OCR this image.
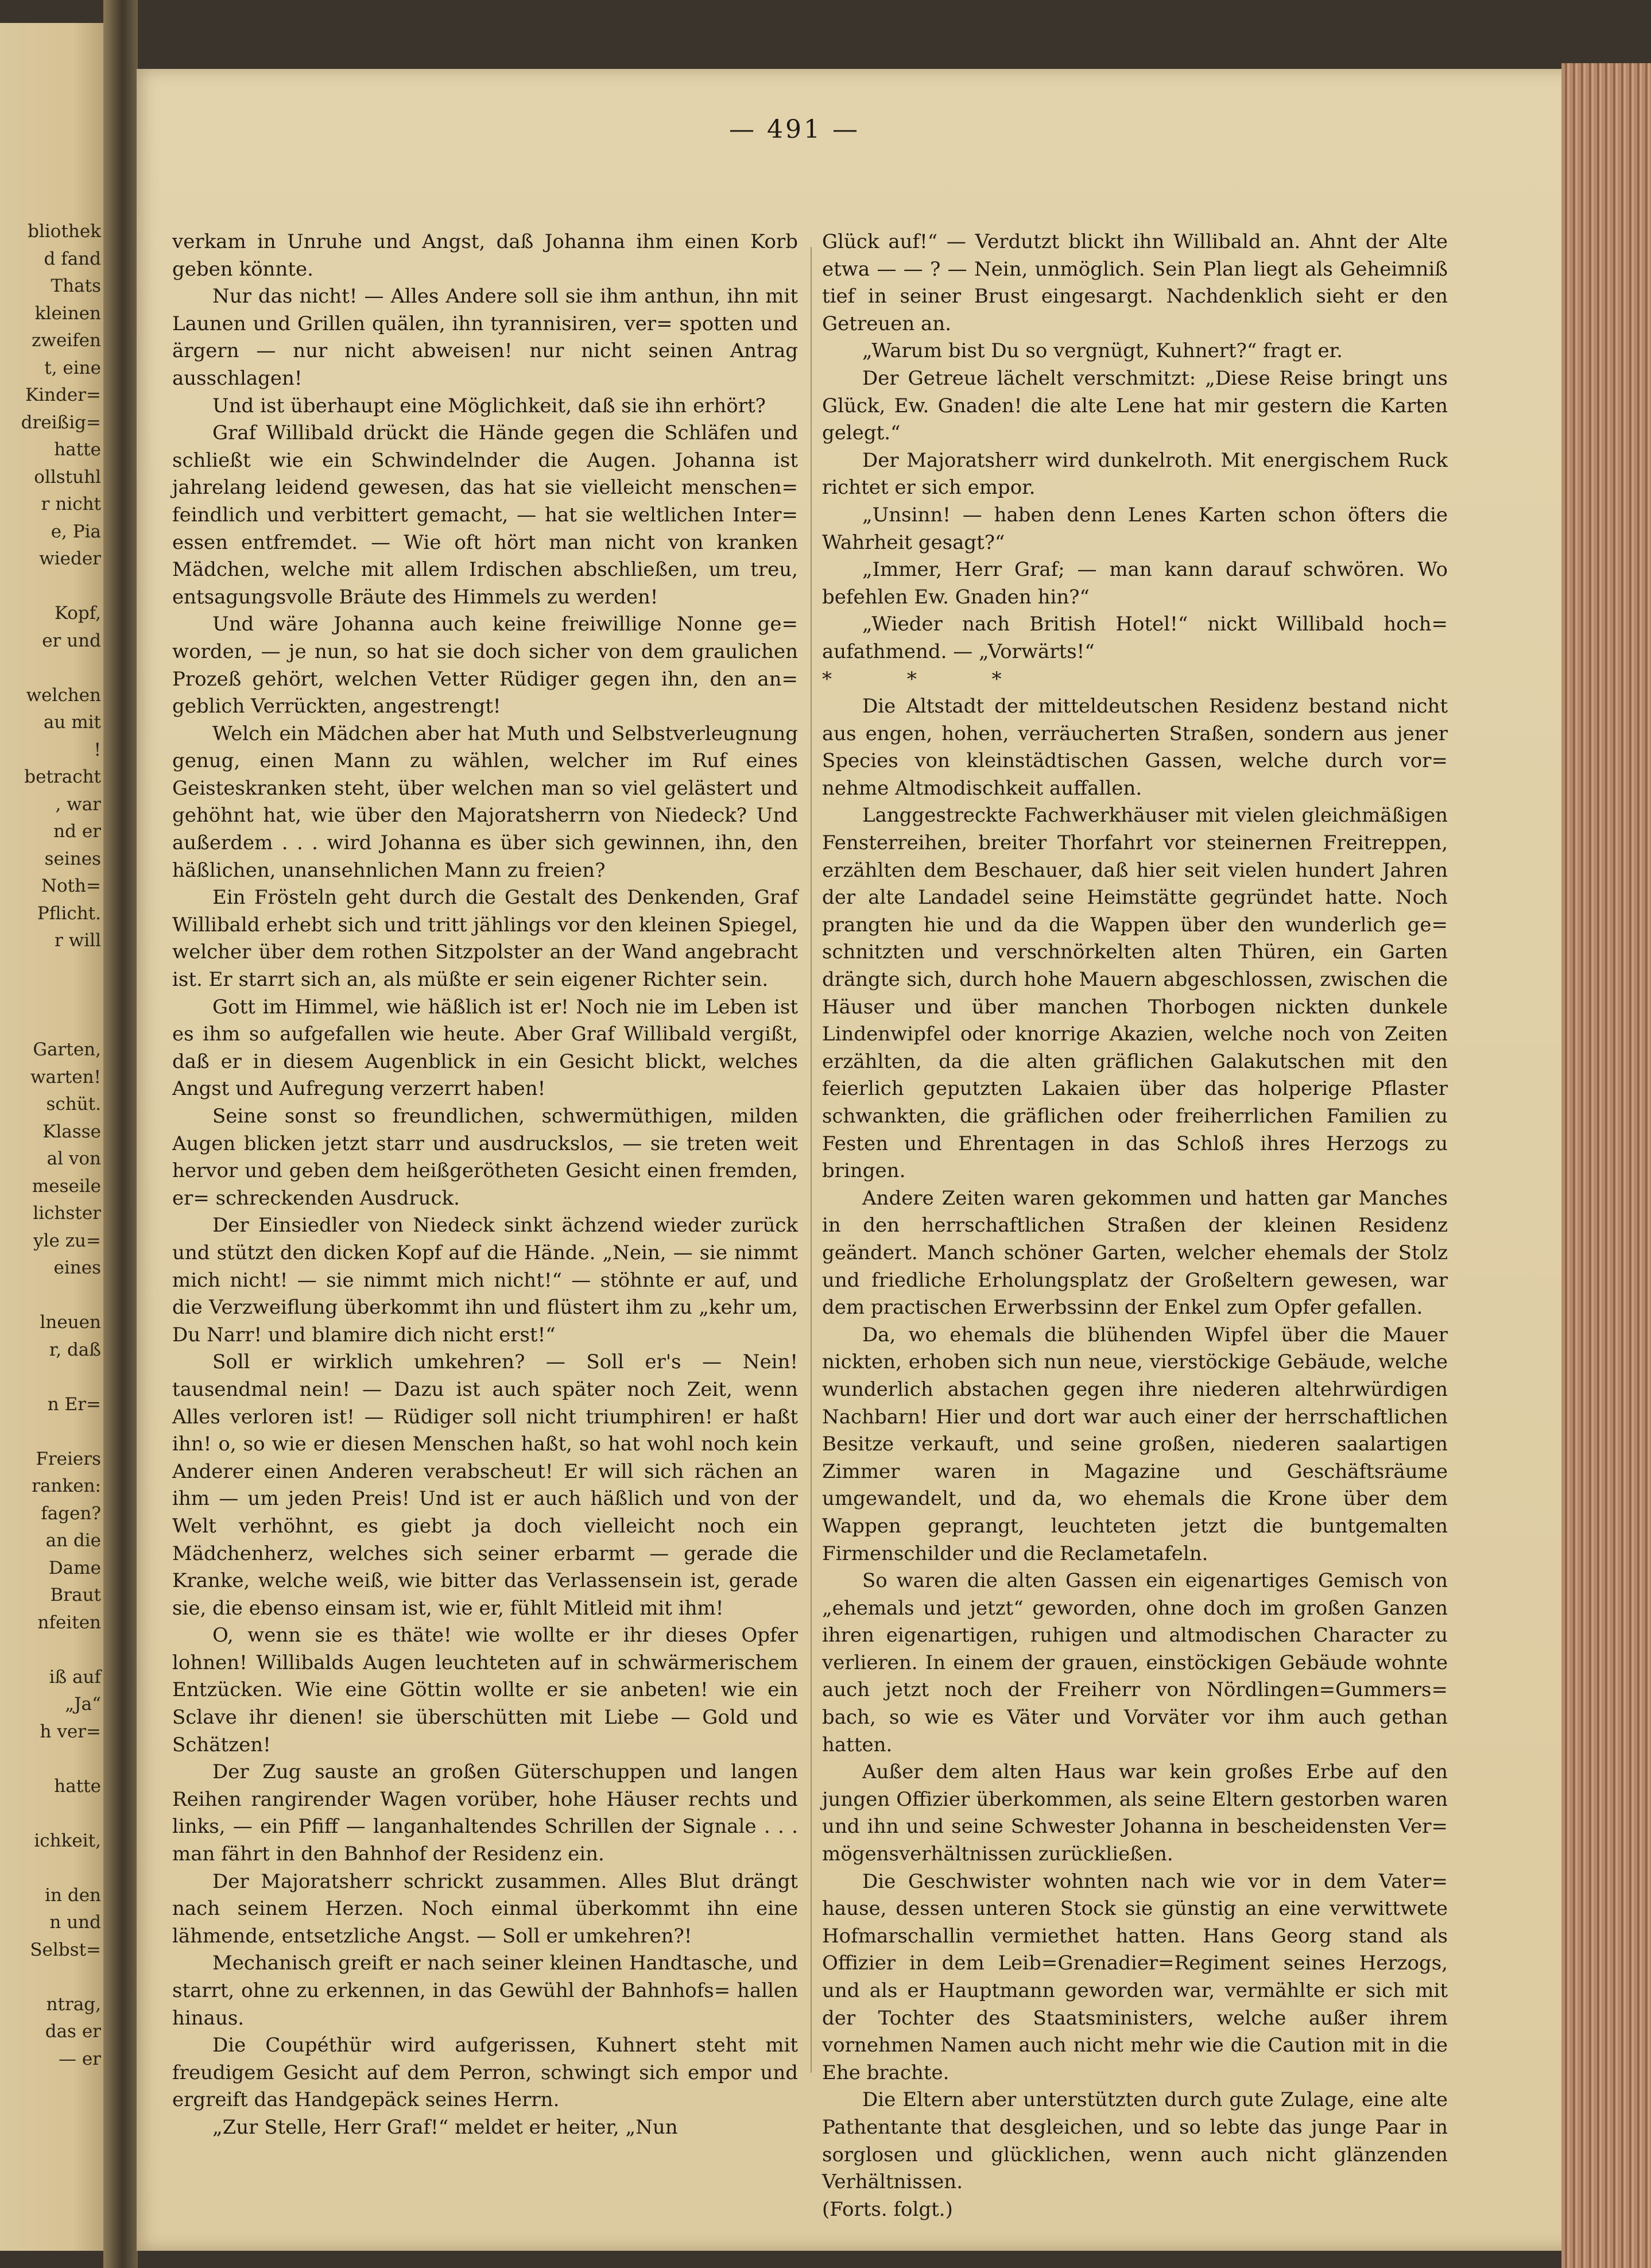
bliothek
d fand
Thats
kleinen
zweifen
t, eine
Kinder=
dreißig=
hatte
ollstuhl
r nicht
e, Pia
wieder

Kopf,
er und

welchen
au mit
!
betracht
, war
nd er
seines
Noth=
Pflicht.
r will

Garten,
warten!
schüt.
Klasse
al von
meseile
lichster
yle zu=
eines

lneuen
r, daß

n Er=

Freiers
ranken:
fagen?
an die
Dame
Braut
nfeiten

iß auf
„Ja“
h ver=

hatte

ichkeit,

in den
n und
Selbst=

ntrag,
das er
— er
— 491 —

verkam in Unruhe und Angst, daß Johanna ihm einen Korb geben könnte.

Nur das nicht! — Alles Andere soll sie ihm anthun, ihn mit Launen und Grillen quälen, ihn tyrannisiren, ver= spotten und ärgern — nur nicht abweisen! nur nicht seinen Antrag ausschlagen!

Und ist überhaupt eine Möglichkeit, daß sie ihn erhört?

Graf Willibald drückt die Hände gegen die Schläfen und schließt wie ein Schwindelnder die Augen. Johanna ist jahrelang leidend gewesen, das hat sie vielleicht menschen= feindlich und verbittert gemacht, — hat sie weltlichen Inter= essen entfremdet. — Wie oft hört man nicht von kranken Mädchen, welche mit allem Irdischen abschließen, um treu, entsagungsvolle Bräute des Himmels zu werden!

Und wäre Johanna auch keine freiwillige Nonne ge= worden, — je nun, so hat sie doch sicher von dem graulichen Prozeß gehört, welchen Vetter Rüdiger gegen ihn, den an= geblich Verrückten, angestrengt!

Welch ein Mädchen aber hat Muth und Selbstverleugnung genug, einen Mann zu wählen, welcher im Ruf eines Geisteskranken steht, über welchen man so viel gelästert und gehöhnt hat, wie über den Majoratsherrn von Niedeck? Und außerdem . . . wird Johanna es über sich gewinnen, ihn, den häßlichen, unansehnlichen Mann zu freien?

Ein Frösteln geht durch die Gestalt des Denkenden, Graf Willibald erhebt sich und tritt jählings vor den kleinen Spiegel, welcher über dem rothen Sitzpolster an der Wand angebracht ist. Er starrt sich an, als müßte er sein eigener Richter sein.

Gott im Himmel, wie häßlich ist er! Noch nie im Leben ist es ihm so aufgefallen wie heute. Aber Graf Willibald vergißt, daß er in diesem Augenblick in ein Gesicht blickt, welches Angst und Aufregung verzerrt haben!

Seine sonst so freundlichen, schwermüthigen, milden Augen blicken jetzt starr und ausdruckslos, — sie treten weit hervor und geben dem heißgerötheten Gesicht einen fremden, er= schreckenden Ausdruck.

Der Einsiedler von Niedeck sinkt ächzend wieder zurück und stützt den dicken Kopf auf die Hände. „Nein, — sie nimmt mich nicht! — sie nimmt mich nicht!“ — stöhnte er auf, und die Verzweiflung überkommt ihn und flüstert ihm zu „kehr um, Du Narr! und blamire dich nicht erst!“

Soll er wirklich umkehren? — Soll er's — Nein! tausendmal nein! — Dazu ist auch später noch Zeit, wenn Alles verloren ist! — Rüdiger soll nicht triumphiren! er haßt ihn! o, so wie er diesen Menschen haßt, so hat wohl noch kein Anderer einen Anderen verabscheut! Er will sich rächen an ihm — um jeden Preis! Und ist er auch häßlich und von der Welt verhöhnt, es giebt ja doch vielleicht noch ein Mädchenherz, welches sich seiner erbarmt — gerade die Kranke, welche weiß, wie bitter das Verlassensein ist, gerade sie, die ebenso einsam ist, wie er, fühlt Mitleid mit ihm!

O, wenn sie es thäte! wie wollte er ihr dieses Opfer lohnen! Willibalds Augen leuchteten auf in schwärmerischem Entzücken. Wie eine Göttin wollte er sie anbeten! wie ein Sclave ihr dienen! sie überschütten mit Liebe — Gold und Schätzen!

Der Zug sauste an großen Güterschuppen und langen Reihen rangirender Wagen vorüber, hohe Häuser rechts und links, — ein Pfiff — langanhaltendes Schrillen der Signale . . . man fährt in den Bahnhof der Residenz ein.

Der Majoratsherr schrickt zusammen. Alles Blut drängt nach seinem Herzen. Noch einmal überkommt ihn eine lähmende, entsetzliche Angst. — Soll er umkehren?!

Mechanisch greift er nach seiner kleinen Handtasche, und starrt, ohne zu erkennen, in das Gewühl der Bahnhofs= hallen hinaus.

Die Coupéthür wird aufgerissen, Kuhnert steht mit freudigem Gesicht auf dem Perron, schwingt sich empor und ergreift das Handgepäck seines Herrn.

„Zur Stelle, Herr Graf!“ meldet er heiter, „Nun

Glück auf!“ — Verdutzt blickt ihn Willibald an. Ahnt der Alte etwa — — ? — Nein, unmöglich. Sein Plan liegt als Geheimniß tief in seiner Brust eingesargt. Nachdenklich sieht er den Getreuen an.

„Warum bist Du so vergnügt, Kuhnert?“ fragt er.

Der Getreue lächelt verschmitzt: „Diese Reise bringt uns Glück, Ew. Gnaden! die alte Lene hat mir gestern die Karten gelegt.“

Der Majoratsherr wird dunkelroth. Mit energischem Ruck richtet er sich empor.

„Unsinn! — haben denn Lenes Karten schon öfters die Wahrheit gesagt?“

„Immer, Herr Graf; — man kann darauf schwören. Wo befehlen Ew. Gnaden hin?“

„Wieder nach British Hotel!“ nickt Willibald hoch= aufathmend. — „Vorwärts!“

* * *

Die Altstadt der mitteldeutschen Residenz bestand nicht aus engen, hohen, verräucherten Straßen, sondern aus jener Species von kleinstädtischen Gassen, welche durch vor= nehme Altmodischkeit auffallen.

Langgestreckte Fachwerkhäuser mit vielen gleichmäßigen Fensterreihen, breiter Thorfahrt vor steinernen Freitreppen, erzählten dem Beschauer, daß hier seit vielen hundert Jahren der alte Landadel seine Heimstätte gegründet hatte. Noch prangten hie und da die Wappen über den wunderlich ge= schnitzten und verschnörkelten alten Thüren, ein Garten drängte sich, durch hohe Mauern abgeschlossen, zwischen die Häuser und über manchen Thorbogen nickten dunkele Lindenwipfel oder knorrige Akazien, welche noch von Zeiten erzählten, da die alten gräflichen Galakutschen mit den feierlich geputzten Lakaien über das holperige Pflaster schwankten, die gräflichen oder freiherrlichen Familien zu Festen und Ehrentagen in das Schloß ihres Herzogs zu bringen.

Andere Zeiten waren gekommen und hatten gar Manches in den herrschaftlichen Straßen der kleinen Residenz geändert. Manch schöner Garten, welcher ehemals der Stolz und friedliche Erholungsplatz der Großeltern gewesen, war dem practischen Erwerbssinn der Enkel zum Opfer gefallen.

Da, wo ehemals die blühenden Wipfel über die Mauer nickten, erhoben sich nun neue, vierstöckige Gebäude, welche wunderlich abstachen gegen ihre niederen altehrwürdigen Nachbarn! Hier und dort war auch einer der herrschaftlichen Besitze verkauft, und seine großen, niederen saalartigen Zimmer waren in Magazine und Geschäftsräume umgewandelt, und da, wo ehemals die Krone über dem Wappen geprangt, leuchteten jetzt die buntgemalten Firmenschilder und die Reclametafeln.

So waren die alten Gassen ein eigenartiges Gemisch von „ehemals und jetzt“ geworden, ohne doch im großen Ganzen ihren eigenartigen, ruhigen und altmodischen Character zu verlieren. In einem der grauen, einstöckigen Gebäude wohnte auch jetzt noch der Freiherr von Nördlingen=Gummers= bach, so wie es Väter und Vorväter vor ihm auch gethan hatten.

Außer dem alten Haus war kein großes Erbe auf den jungen Offizier überkommen, als seine Eltern gestorben waren und ihn und seine Schwester Johanna in bescheidensten Ver= mögensverhältnissen zurückließen.

Die Geschwister wohnten nach wie vor in dem Vater= hause, dessen unteren Stock sie günstig an eine verwittwete Hofmarschallin vermiethet hatten. Hans Georg stand als Offizier in dem Leib=Grenadier=Regiment seines Herzogs, und als er Hauptmann geworden war, vermählte er sich mit der Tochter des Staatsministers, welche außer ihrem vornehmen Namen auch nicht mehr wie die Caution mit in die Ehe brachte.

Die Eltern aber unterstützten durch gute Zulage, eine alte Pathentante that desgleichen, und so lebte das junge Paar in sorglosen und glücklichen, wenn auch nicht glänzenden Verhältnissen.

(Forts. folgt.)
